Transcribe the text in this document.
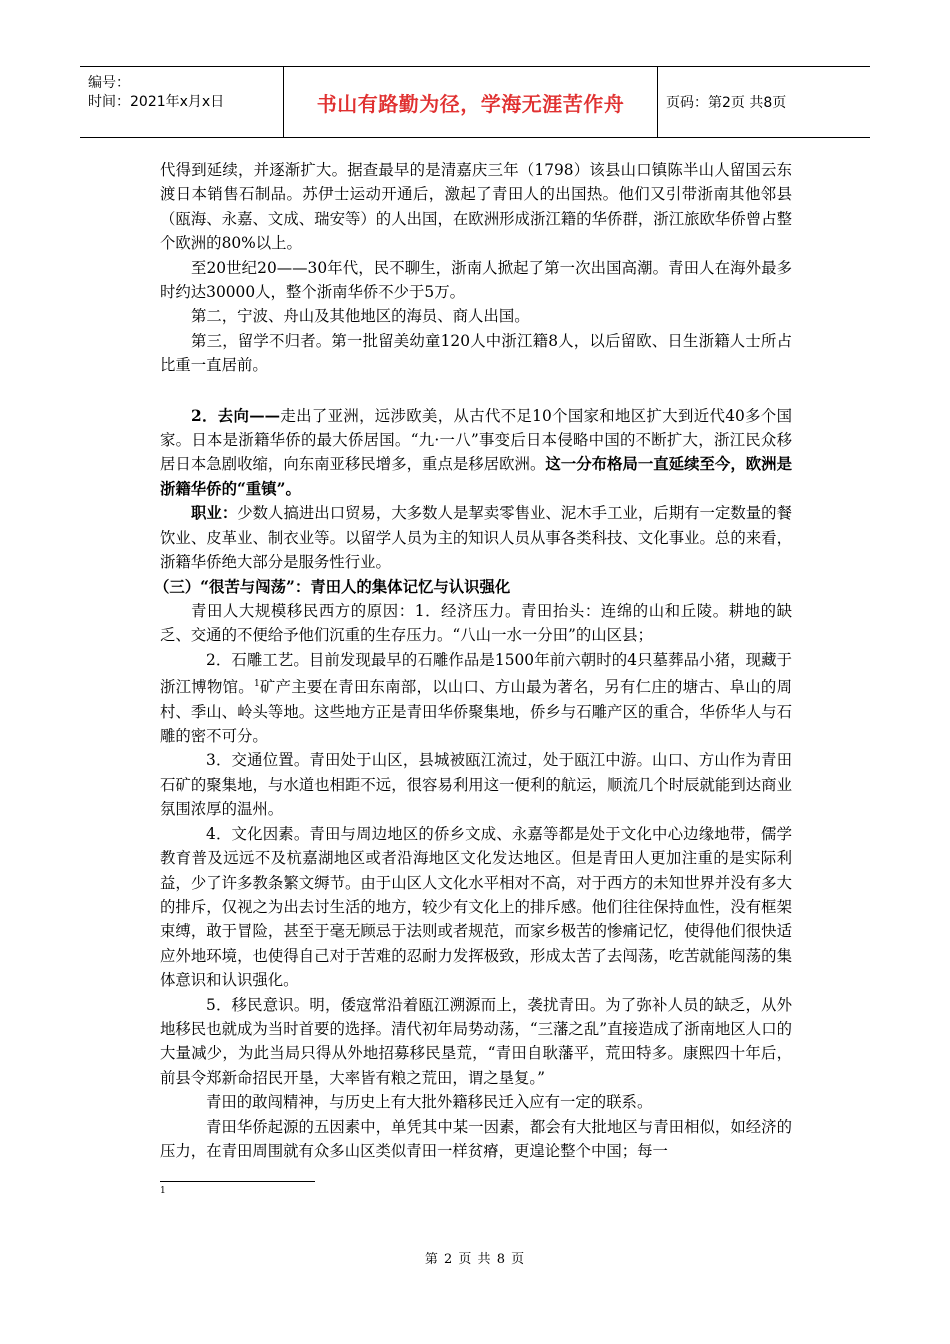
编号：
时间：2021年x月x日	书山有路勤为径，学海无涯苦作舟	页码：第2页 共8页

代得到延续，并逐渐扩大。据查最早的是清嘉庆三年（1798）该县山口镇陈半山人留国云东渡日本销售石制品。苏伊士运动开通后，激起了青田人的出国热。他们又引带浙南其他邻县（瓯海、永嘉、文成、瑞安等）的人出国，在欧洲形成浙江籍的华侨群，浙江旅欧华侨曾占整个欧洲的80%以上。

至20世纪20——30年代，民不聊生，浙南人掀起了第一次出国高潮。青田人在海外最多时约达30000人，整个浙南华侨不少于5万。

第二，宁波、舟山及其他地区的海员、商人出国。

第三，留学不归者。第一批留美幼童120人中浙江籍8人，以后留欧、日生浙籍人士所占比重一直居前。

2．去向——走出了亚洲，远涉欧美，从古代不足10个国家和地区扩大到近代40多个国家。日本是浙籍华侨的最大侨居国。“九·一八”事变后日本侵略中国的不断扩大，浙江民众移居日本急剧收缩，向东南亚移民增多，重点是移居欧洲。这一分布格局一直延续至今，欧洲是浙籍华侨的“重镇”。

职业：少数人搞进出口贸易，大多数人是挈卖零售业、泥木手工业，后期有一定数量的餐饮业、皮革业、制衣业等。以留学人员为主的知识人员从事各类科技、文化事业。总的来看，浙籍华侨绝大部分是服务性行业。

（三）“很苦与闯荡”：青田人的集体记忆与认识强化

青田人大规模移民西方的原因：1．经济压力。青田抬头：连绵的山和丘陵。耕地的缺乏、交通的不便给予他们沉重的生存压力。“八山一水一分田”的山区县；

2．石雕工艺。目前发现最早的石雕作品是1500年前六朝时的4只墓葬品小猪，现藏于浙江博物馆。$^1$矿产主要在青田东南部，以山口、方山最为著名，另有仁庄的塘古、阜山的周村、季山、岭头等地。这些地方正是青田华侨聚集地，侨乡与石雕产区的重合，华侨华人与石雕的密不可分。

3．交通位置。青田处于山区，县城被瓯江流过，处于瓯江中游。山口、方山作为青田石矿的聚集地，与水道也相距不远，很容易利用这一便利的航运，顺流几个时辰就能到达商业氛围浓厚的温州。

4．文化因素。青田与周边地区的侨乡文成、永嘉等都是处于文化中心边缘地带，儒学教育普及远远不及杭嘉湖地区或者沿海地区文化发达地区。但是青田人更加注重的是实际利益，少了许多教条繁文缛节。由于山区人文化水平相对不高，对于西方的未知世界并没有多大的排斥，仅视之为出去讨生活的地方，较少有文化上的排斥感。他们往往保持血性，没有框架束缚，敢于冒险，甚至于毫无顾忌于法则或者规范，而家乡极苦的惨痛记忆，使得他们很快适应外地环境，也使得自己对于苦难的忍耐力发挥极致，形成太苦了去闯荡，吃苦就能闯荡的集体意识和认识强化。

5．移民意识。明，倭寇常沿着瓯江溯源而上，袭扰青田。为了弥补人员的缺乏，从外地移民也就成为当时首要的选择。清代初年局势动荡，“三藩之乱”直接造成了浙南地区人口的大量减少，为此当局只得从外地招募移民垦荒，“青田自耿藩平，荒田特多。康熙四十年后，前县令郑新命招民开垦，大率皆有粮之荒田，谓之垦复。”

青田的敢闯精神，与历史上有大批外籍移民迁入应有一定的联系。

青田华侨起源的五因素中，单凭其中某一因素，都会有大批地区与青田相似，如经济的压力，在青田周围就有众多山区类似青田一样贫瘠，更遑论整个中国；每一

1
第 2 页 共 8 页
